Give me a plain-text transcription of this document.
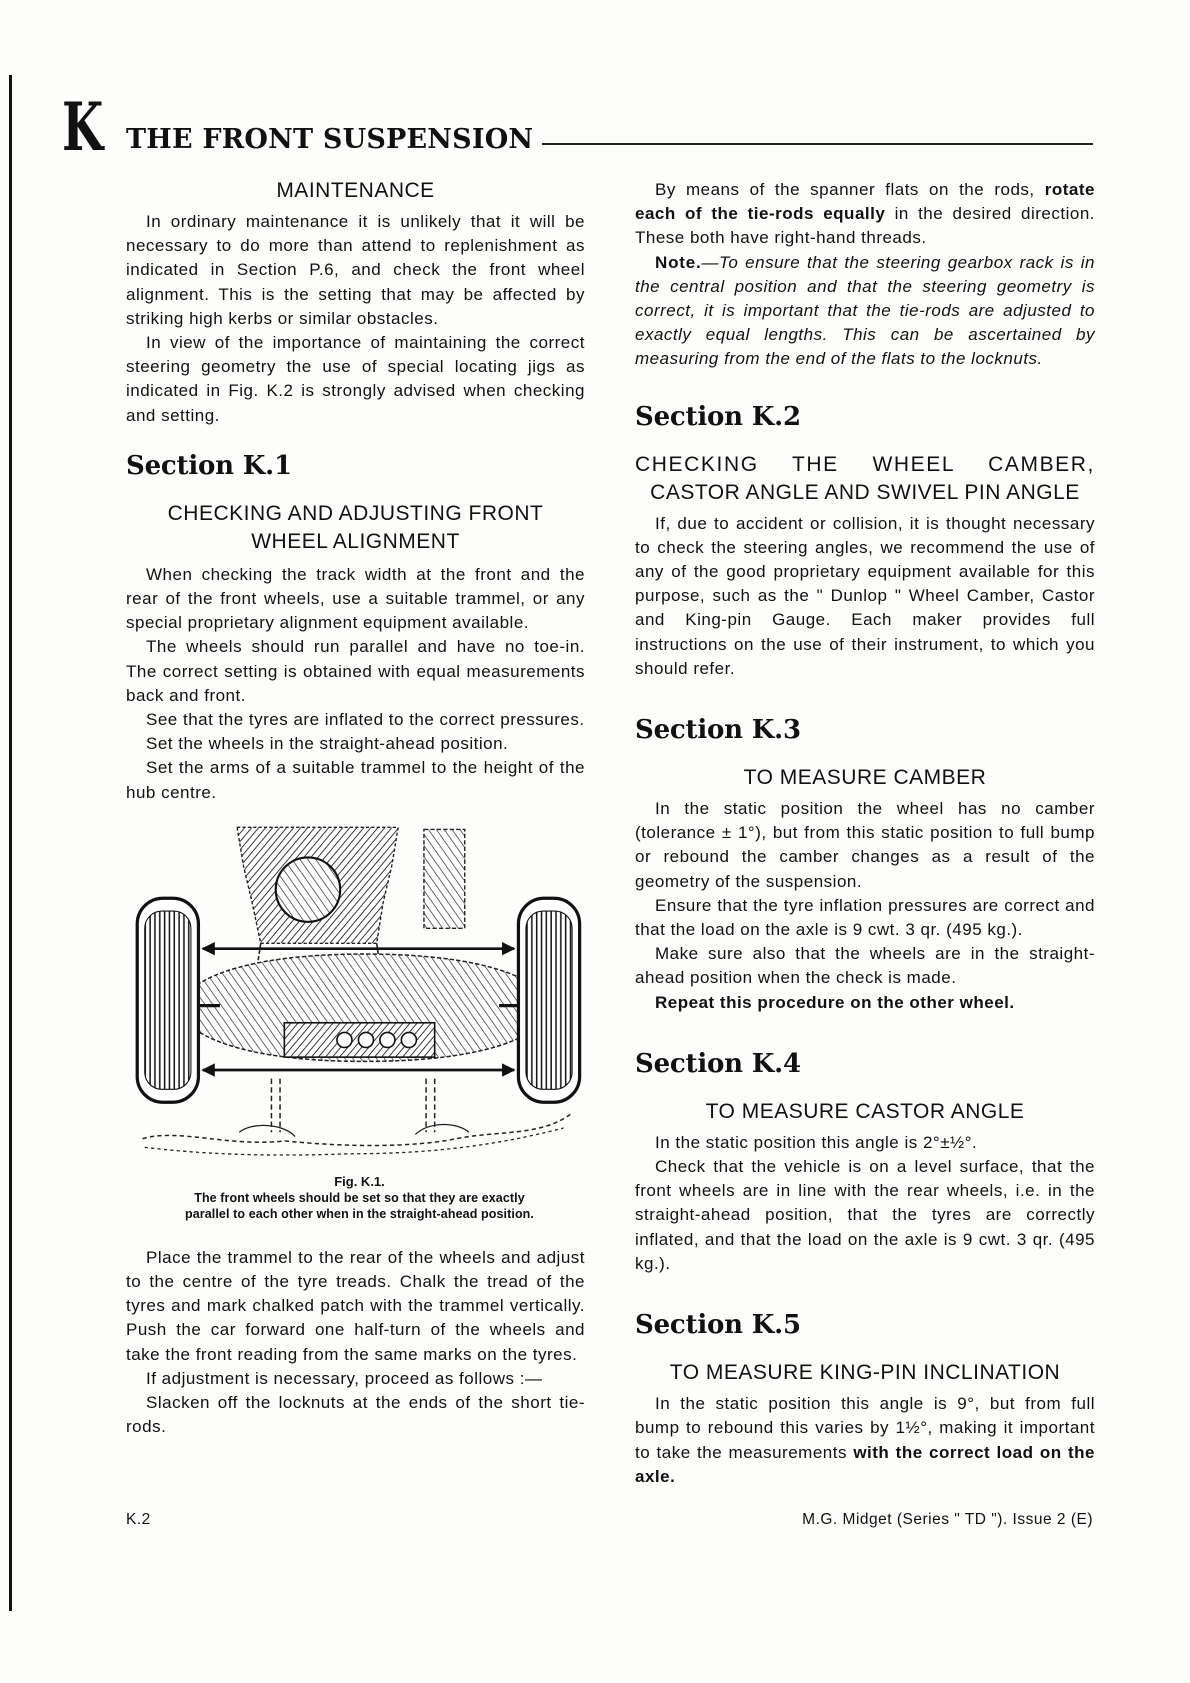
K THE FRONT SUSPENSION
MAINTENANCE

In ordinary maintenance it is unlikely that it will be necessary to do more than attend to replenishment as indicated in Section P.6, and check the front wheel alignment. This is the setting that may be affected by striking high kerbs or similar obstacles.

In view of the importance of maintaining the correct steering geometry the use of special locating jigs as indicated in Fig. K.2 is strongly advised when checking and setting.

Section K.1
CHECKING AND ADJUSTING FRONT
WHEEL ALIGNMENT

When checking the track width at the front and the rear of the front wheels, use a suitable trammel, or any special proprietary alignment equipment available.

The wheels should run parallel and have no toe-in. The correct setting is obtained with equal measurements back and front.

See that the tyres are inflated to the correct pressures.

Set the wheels in the straight-ahead position.

Set the arms of a suitable trammel to the height of the hub centre.

Fig. K.1.
The front wheels should be set so that they are exactly
parallel to each other when in the straight-ahead position.

Place the trammel to the rear of the wheels and adjust to the centre of the tyre treads. Chalk the tread of the tyres and mark chalked patch with the trammel vertically. Push the car forward one half-turn of the wheels and take the front reading from the same marks on the tyres.

If adjustment is necessary, proceed as follows :—

Slacken off the locknuts at the ends of the short tie-rods.

By means of the spanner flats on the rods, rotate each of the tie-rods equally in the desired direction. These both have right-hand threads.

Note.—To ensure that the steering gearbox rack is in the central position and that the steering geometry is correct, it is important that the tie-rods are adjusted to exactly equal lengths. This can be ascertained by measuring from the end of the flats to the locknuts.

Section K.2
CHECKING THE WHEEL CAMBER,
CASTOR ANGLE AND SWIVEL PIN ANGLE

If, due to accident or collision, it is thought necessary to check the steering angles, we recommend the use of any of the good proprietary equipment available for this purpose, such as the " Dunlop " Wheel Camber, Castor and King-pin Gauge. Each maker provides full instructions on the use of their instrument, to which you should refer.

Section K.3
TO MEASURE CAMBER

In the static position the wheel has no camber (tolerance ± 1°), but from this static position to full bump or rebound the camber changes as a result of the geometry of the suspension.

Ensure that the tyre inflation pressures are correct and that the load on the axle is 9 cwt. 3 qr. (495 kg.).

Make sure also that the wheels are in the straight-ahead position when the check is made.

Repeat this procedure on the other wheel.

Section K.4
TO MEASURE CASTOR ANGLE

In the static position this angle is 2°±½°.

Check that the vehicle is on a level surface, that the front wheels are in line with the rear wheels, i.e. in the straight-ahead position, that the tyres are correctly inflated, and that the load on the axle is 9 cwt. 3 qr. (495 kg.).

Section K.5
TO MEASURE KING-PIN INCLINATION

In the static position this angle is 9°, but from full bump to rebound this varies by 1½°, making it important to take the measurements with the correct load on the axle.

K.2	M.G. Midget (Series " TD "). Issue 2 (E)
